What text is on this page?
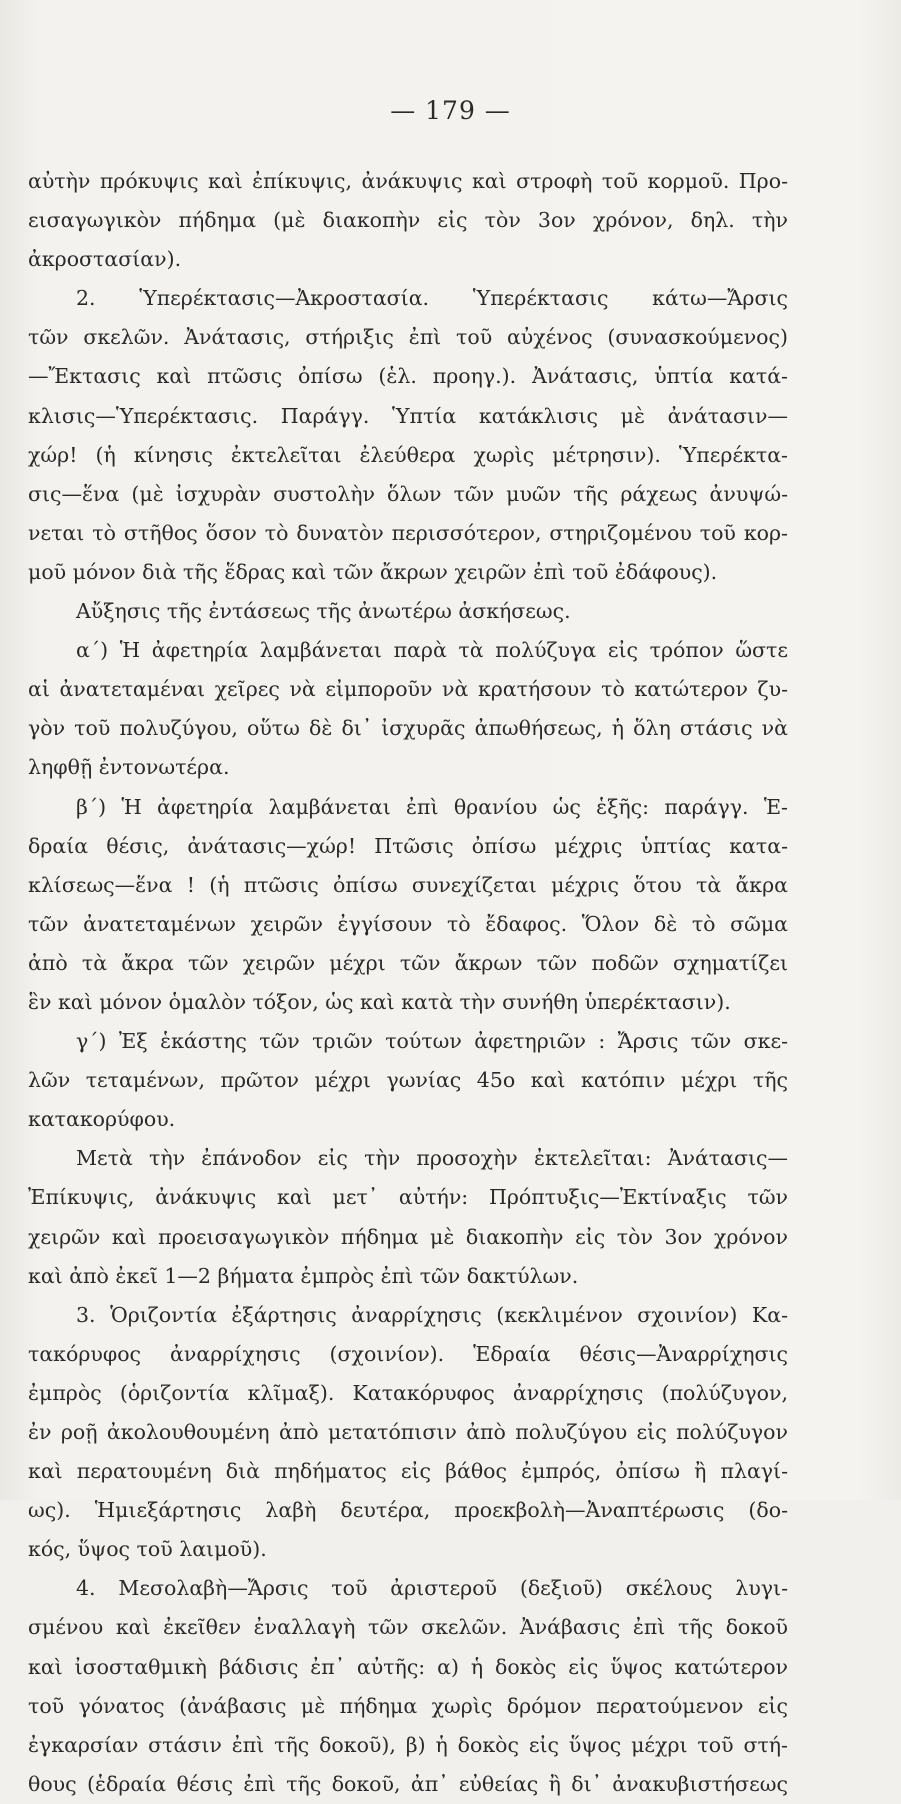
— 179 —
αὐτὴν πρόκυψις καὶ ἐπίκυψις, ἀνάκυψις καὶ στροφὴ τοῦ κορμοῦ. Προ-
εισαγωγικὸν πήδημα (μὲ διακοπὴν εἰς τὸν 3ον χρόνον, δηλ. τὴν
ἀκροστασίαν).
2. Ὑπερέκτασις—Ἀκροστασία. Ὑπερέκτασις κάτω—Ἄρσις
τῶν σκελῶν. Ἀνάτασις, στήριξις ἐπὶ τοῦ αὐχένος (συνασκούμενος)
—Ἔκτασις καὶ πτῶσις ὀπίσω (ἑλ. προηγ.). Ἀνάτασις, ὑπτία κατά-
κλισις—Ὑπερέκτασις. Παράγγ. Ὑπτία κατάκλισις μὲ ἀνάτασιν—
χώρ! (ἡ κίνησις ἐκτελεῖται ἐλεύθερα χωρὶς μέτρησιν). Ὑπερέκτα-
σις—ἕνα (μὲ ἰσχυρὰν συστολὴν ὅλων τῶν μυῶν τῆς ράχεως ἀνυψώ-
νεται τὸ στῆθος ὅσον τὸ δυνατὸν περισσότερον, στηριζομένου τοῦ κορ-
μοῦ μόνον διὰ τῆς ἕδρας καὶ τῶν ἄκρων χειρῶν ἐπὶ τοῦ ἐδάφους).
Αὔξησις τῆς ἐντάσεως τῆς ἀνωτέρω ἀσκήσεως.
α΄) Ἡ ἀφετηρία λαμβάνεται παρὰ τὰ πολύζυγα εἰς τρόπον ὥστε
αἱ ἀνατεταμέναι χεῖρες νὰ εἰμποροῦν νὰ κρατήσουν τὸ κατώτερον ζυ-
γὸν τοῦ πολυζύγου, οὕτω δὲ δι᾽ ἰσχυρᾶς ἀπωθήσεως, ἡ ὅλη στάσις νὰ
ληφθῇ ἐντονωτέρα.
β΄) Ἡ ἀφετηρία λαμβάνεται ἐπὶ θρανίου ὡς ἑξῆς: παράγγ. Ἑ-
δραία θέσις, ἀνάτασις—χώρ! Πτῶσις ὀπίσω μέχρις ὑπτίας κατα-
κλίσεως—ἕνα ! (ἡ πτῶσις ὀπίσω συνεχίζεται μέχρις ὅτου τὰ ἄκρα
τῶν ἀνατεταμένων χειρῶν ἐγγίσουν τὸ ἔδαφος. Ὅλον δὲ τὸ σῶμα
ἀπὸ τὰ ἄκρα τῶν χειρῶν μέχρι τῶν ἄκρων τῶν ποδῶν σχηματίζει
ἓν καὶ μόνον ὁμαλὸν τόξον, ὡς καὶ κατὰ τὴν συνήθη ὑπερέκτασιν).
γ΄) Ἐξ ἑκάστης τῶν τριῶν τούτων ἀφετηριῶν : Ἄρσις τῶν σκε-
λῶν τεταμένων, πρῶτον μέχρι γωνίας 45ο καὶ κατόπιν μέχρι τῆς
κατακορύφου.
Μετὰ τὴν ἐπάνοδον εἰς τὴν προσοχὴν ἐκτελεῖται: Ἀνάτασις—
Ἐπίκυψις, ἀνάκυψις καὶ μετ᾽ αὐτήν: Πρόπτυξις—Ἐκτίναξις τῶν
χειρῶν καὶ προεισαγωγικὸν πήδημα μὲ διακοπὴν εἰς τὸν 3ον χρόνον
καὶ ἀπὸ ἐκεῖ 1—2 βήματα ἐμπρὸς ἐπὶ τῶν δακτύλων.
3. Ὁριζοντία ἐξάρτησις ἀναρρίχησις (κεκλιμένον σχοινίον) Κα-
τακόρυφος ἀναρρίχησις (σχοινίον). Ἑδραία θέσις—Ἀναρρίχησις
ἐμπρὸς (ὁριζοντία κλῖμαξ). Κατακόρυφος ἀναρρίχησις (πολύζυγον,
ἐν ροῇ ἀκολουθουμένη ἀπὸ μετατόπισιν ἀπὸ πολυζύγου εἰς πολύζυγον
καὶ περατουμένη διὰ πηδήματος εἰς βάθος ἐμπρός, ὀπίσω ἢ πλαγί-
ως). Ἡμιεξάρτησις λαβὴ δευτέρα, προεκβολὴ—Ἀναπτέρωσις (δο-
κός, ὕψος τοῦ λαιμοῦ).
4. Μεσολαβὴ—Ἄρσις τοῦ ἀριστεροῦ (δεξιοῦ) σκέλους λυγι-
σμένου καὶ ἐκεῖθεν ἐναλλαγὴ τῶν σκελῶν. Ἀνάβασις ἐπὶ τῆς δοκοῦ
καὶ ἰσοσταθμικὴ βάδισις ἐπ᾽ αὐτῆς: α) ἡ δοκὸς εἰς ὕψος κατώτερον
τοῦ γόνατος (ἀνάβασις μὲ πήδημα χωρὶς δρόμον περατούμενον εἰς
ἐγκαρσίαν στάσιν ἐπὶ τῆς δοκοῦ), β) ἡ δοκὸς εἰς ὕψος μέχρι τοῦ στή-
θους (ἑδραία θέσις ἐπὶ τῆς δοκοῦ, ἀπ᾽ εὐθείας ἢ δι᾽ ἀνακυβιστήσεως
